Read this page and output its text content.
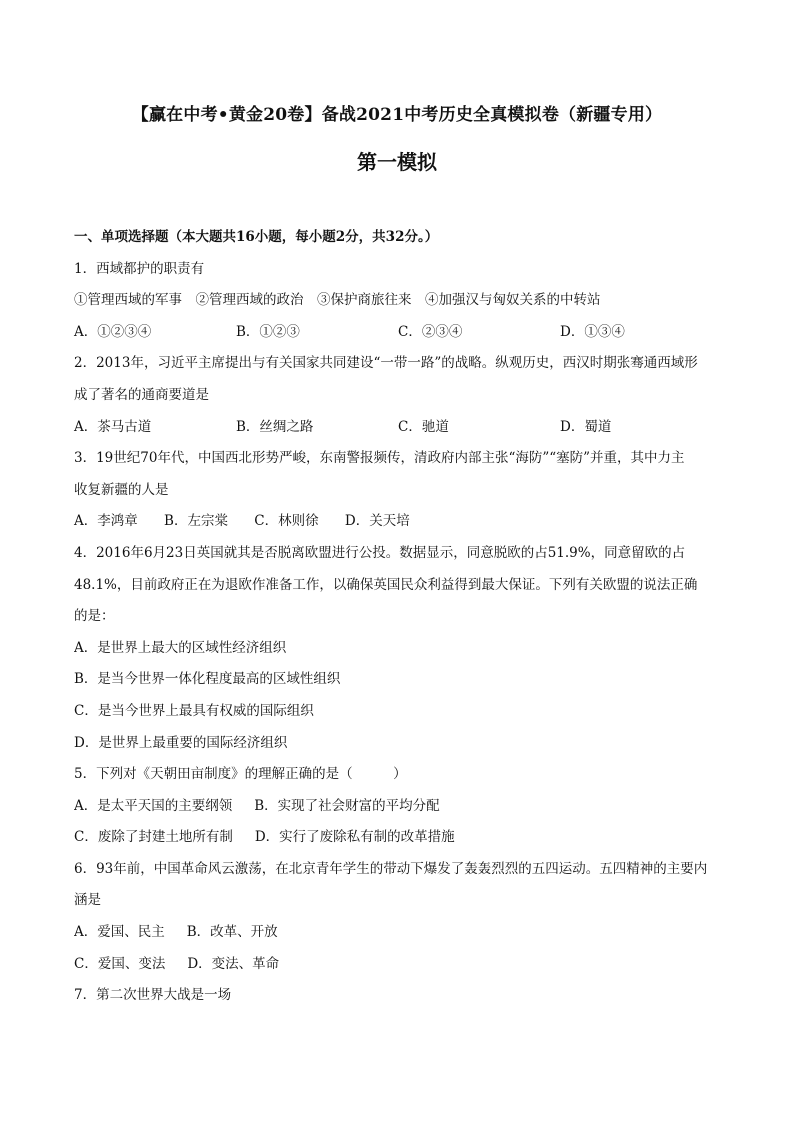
【赢在中考•黄金20卷】备战2021中考历史全真模拟卷（新疆专用）
第一模拟
一、单项选择题（本大题共16小题，每小题2分，共32分。）
1．西域都护的职责有
①管理西域的军事　②管理西域的政治　③保护商旅往来　④加强汉与匈奴关系的中转站
A．①②③④	B．①②③	C．②③④	D．①③④
2．2013年，习近平主席提出与有关国家共同建设“一带一路”的战略。纵观历史，西汉时期张骞通西域形
成了著名的通商要道是
A．茶马古道	B．丝绸之路	C．驰道	D．蜀道
3．19世纪70年代，中国西北形势严峻，东南警报频传，清政府内部主张“海防”“塞防”并重，其中力主
收复新疆的人是
A．李鸿章 B．左宗棠 C．林则徐 D．关天培
4．2016年6月23日英国就其是否脱离欧盟进行公投。数据显示，同意脱欧的占51.9%，同意留欧的占
48.1%，目前政府正在为退欧作准备工作，以确保英国民众利益得到最大保证。下列有关欧盟的说法正确
的是：
A．是世界上最大的区域性经济组织
B．是当今世界一体化程度最高的区域性组织
C．是当今世界上最具有权威的国际组织
D．是世界上最重要的国际经济组织
5．下列对《天朝田亩制度》的理解正确的是（　　　）
A．是太平天国的主要纲领 B．实现了社会财富的平均分配
C．废除了封建土地所有制 D．实行了废除私有制的改革措施
6．93年前，中国革命风云激荡，在北京青年学生的带动下爆发了轰轰烈烈的五四运动。五四精神的主要内
涵是
A．爱国、民主 B．改革、开放
C．爱国、变法 D．变法、革命
7．第二次世界大战是一场
